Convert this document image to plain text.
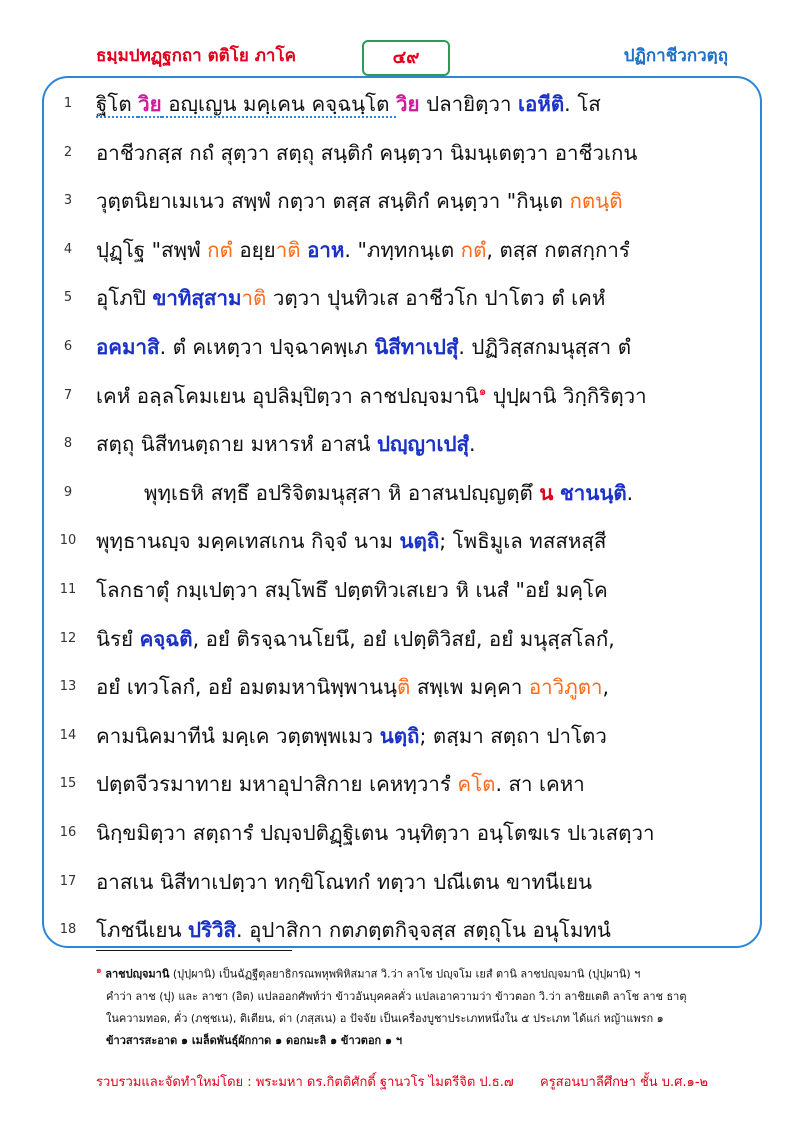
ธมฺมปทฏฺฐกถา ตติโย ภาโค	๔๙	ปฏิกาชีวกวตฺถุ
1	ฐิโต วิย อญฺเญน มคฺเคน คจฺฉนฺโต วิย ปลายิตฺวา เอหีติ. โส
2	อาชีวกสฺส กถํ สุตฺวา สตฺถุ สนฺติกํ คนฺตฺวา นิมนฺเตตฺวา อาชีวเกน
3	วุตฺตนิยาเมเนว สพฺพํ กตฺวา ตสฺส สนฺติกํ คนฺตฺวา "กินฺเต กตนฺติ
4	ปุฏฺโฐ "สพฺพํ กตํ อยฺยาติ อาห. "ภทฺทกนฺเต กตํ, ตสฺส กตสกฺการํ
5	อุโภปิ ขาทิสฺสามาติ วตฺวา ปุนทิวเส อาชีวโก ปาโตว ตํ เคหํ
6	อคมาสิ. ตํ คเหตฺวา ปจฺฉาคพฺเภ นิสีทาเปสุํ. ปฏิวิสฺสกมนุสฺสา ตํ
7	เคหํ อลฺลโคมเยน อุปลิมฺปิตฺวา ลาชปญฺจมานิ$^๑$ ปุปฺผานิ วิกฺกิริตฺวา
8	สตฺถุ นิสีทนตฺถาย มหารหํ อาสนํ ปญฺญาเปสุํ.
9	พุทฺเธหิ สทฺธึ อปริจิตมนุสฺสา หิ อาสนปญฺญตฺตึ น ชานนฺติ.
10 พุทฺธานญฺจ มคฺคเทสเกน กิจฺจํ นาม นตฺถิ; โพธิมูเล ทสสหสฺสี
11 โลกธาตุํ กมฺเปตฺวา สมฺโพธึ ปตฺตทิวเสเยว หิ เนสํ "อยํ มคฺโค
12 นิรยํ คจฺฉติ, อยํ ติรจฺฉานโยนึ, อยํ เปตฺติวิสยํ, อยํ มนุสฺสโลกํ,
13 อยํ เทวโลกํ, อยํ อมตมหานิพฺพานนฺติ สพฺเพ มคฺคา อาวิภูตา,
14 คามนิคมาทีนํ มคฺเค วตฺตพฺพเมว นตฺถิ; ตสฺมา สตฺถา ปาโตว
15 ปตฺตจีวรมาทาย มหาอุปาสิกาย เคหทฺวารํ คโต. สา เคหา
16 นิกฺขมิตฺวา สตฺถารํ ปญฺจปติฏฺฐิเตน วนฺทิตฺวา อนฺโตฆเร ปเวเสตฺวา
17 อาสเน นิสีทาเปตฺวา ทกฺขิโณทกํ ทตฺวา ปณีเตน ขาทนีเยน
18 โภชนีเยน ปริวิสิ. อุปาสิกา กตภตฺตกิจฺจสฺส สตฺถุโน อนุโมทนํ
$^๑$ ลาชปญฺจมานิ (ปุปฺผานิ) เป็นฉัฏฐีตุลยาธิกรณพหุพพิหิสมาส วิ.ว่า ลาโช ปญฺจโม เยสํ ตานิ ลาชปญฺจมานิ (ปุปฺผานิ) ฯ
คำว่า ลาช (ปุ) และ ลาชา (อิต) แปลออกศัพท์ว่า ข้าวอันบุคคลคั่ว แปลเอาความว่า ข้าวตอก วิ.ว่า ลาชิยเตติ ลาโช ลาช ธาตุ
ในความทอด, คั่ว (ภชฺชเน), ติเตียน, ด่า (ภสฺสเน) อ ปัจจัย เป็นเครื่องบูชาประเภทหนึ่งใน ๕ ประเภท ได้แก่ หญ้าแพรก ๑
ข้าวสารสะอาด ๑ เมล็ดพันธุ์ผักกาด ๑ ดอกมะลิ ๑ ข้าวตอก ๑ ฯ
รวบรวมและจัดทำใหม่โดย : พระมหา ดร.กิตติศักดิ์ ฐานวโร ไมตรีจิต ป.ธ.๗ ครูสอนบาลีศึกษา ชั้น บ.ศ.๑-๒
